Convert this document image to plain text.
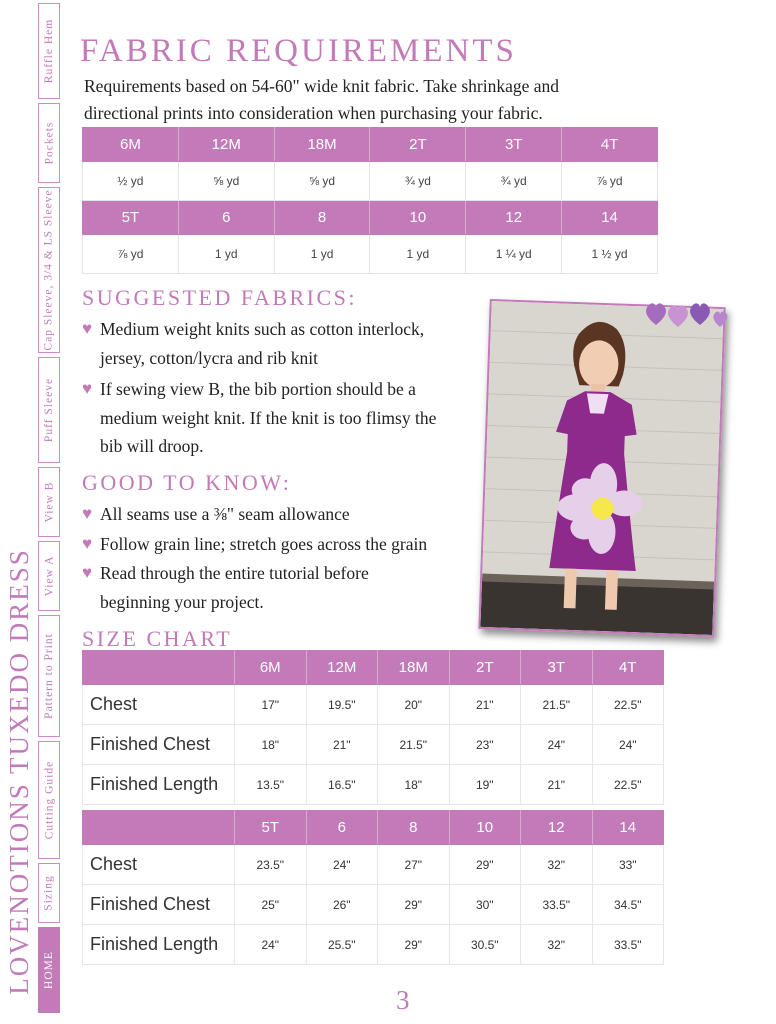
LOVENOTIONS TUXEDO DRESS
Ruffle Hem
Pockets
Cap Sleeve, 3/4 & LS Sleeve
Puff Sleeve
View B
View A
Pattern to Print
Cutting Guide
Sizing
HOME
FABRIC REQUIREMENTS

Requirements based on 54-60" wide knit fabric. Take shrinkage and

directional prints into consideration when purchasing your fabric.

6M	12M	18M	2T	3T	4T
½ yd	⅝ yd	⅝ yd	¾ yd	¾ yd	⅞ yd
5T	6	8	10	12	14
⅞ yd	1 yd	1 yd	1 yd	1 ¼ yd	1 ½ yd
SUGGESTED FABRICS:
♥ Medium weight knits such as cotton interlock,
jersey, cotton/lycra and rib knit
♥ If sewing view B, the bib portion should be a
medium weight knit. If the knit is too flimsy the
bib will droop.
GOOD TO KNOW:
♥ All seams use a ⅜" seam allowance
♥ Follow grain line; stretch goes across the grain
♥ Read through the entire tutorial before
beginning your project.
SIZE CHART
	6M	12M	18M	2T	3T	4T
Chest	17"	19.5"	20"	21"	21.5"	22.5"
Finished Chest	18"	21"	21.5"	23"	24"	24"
Finished Length	13.5"	16.5"	18"	19"	21"	22.5"
	5T	6	8	10	12	14
Chest	23.5"	24"	27"	29"	32"	33"
Finished Chest	25"	26"	29"	30"	33.5"	34.5"
Finished Length	24"	25.5"	29"	30.5"	32"	33.5"
3
